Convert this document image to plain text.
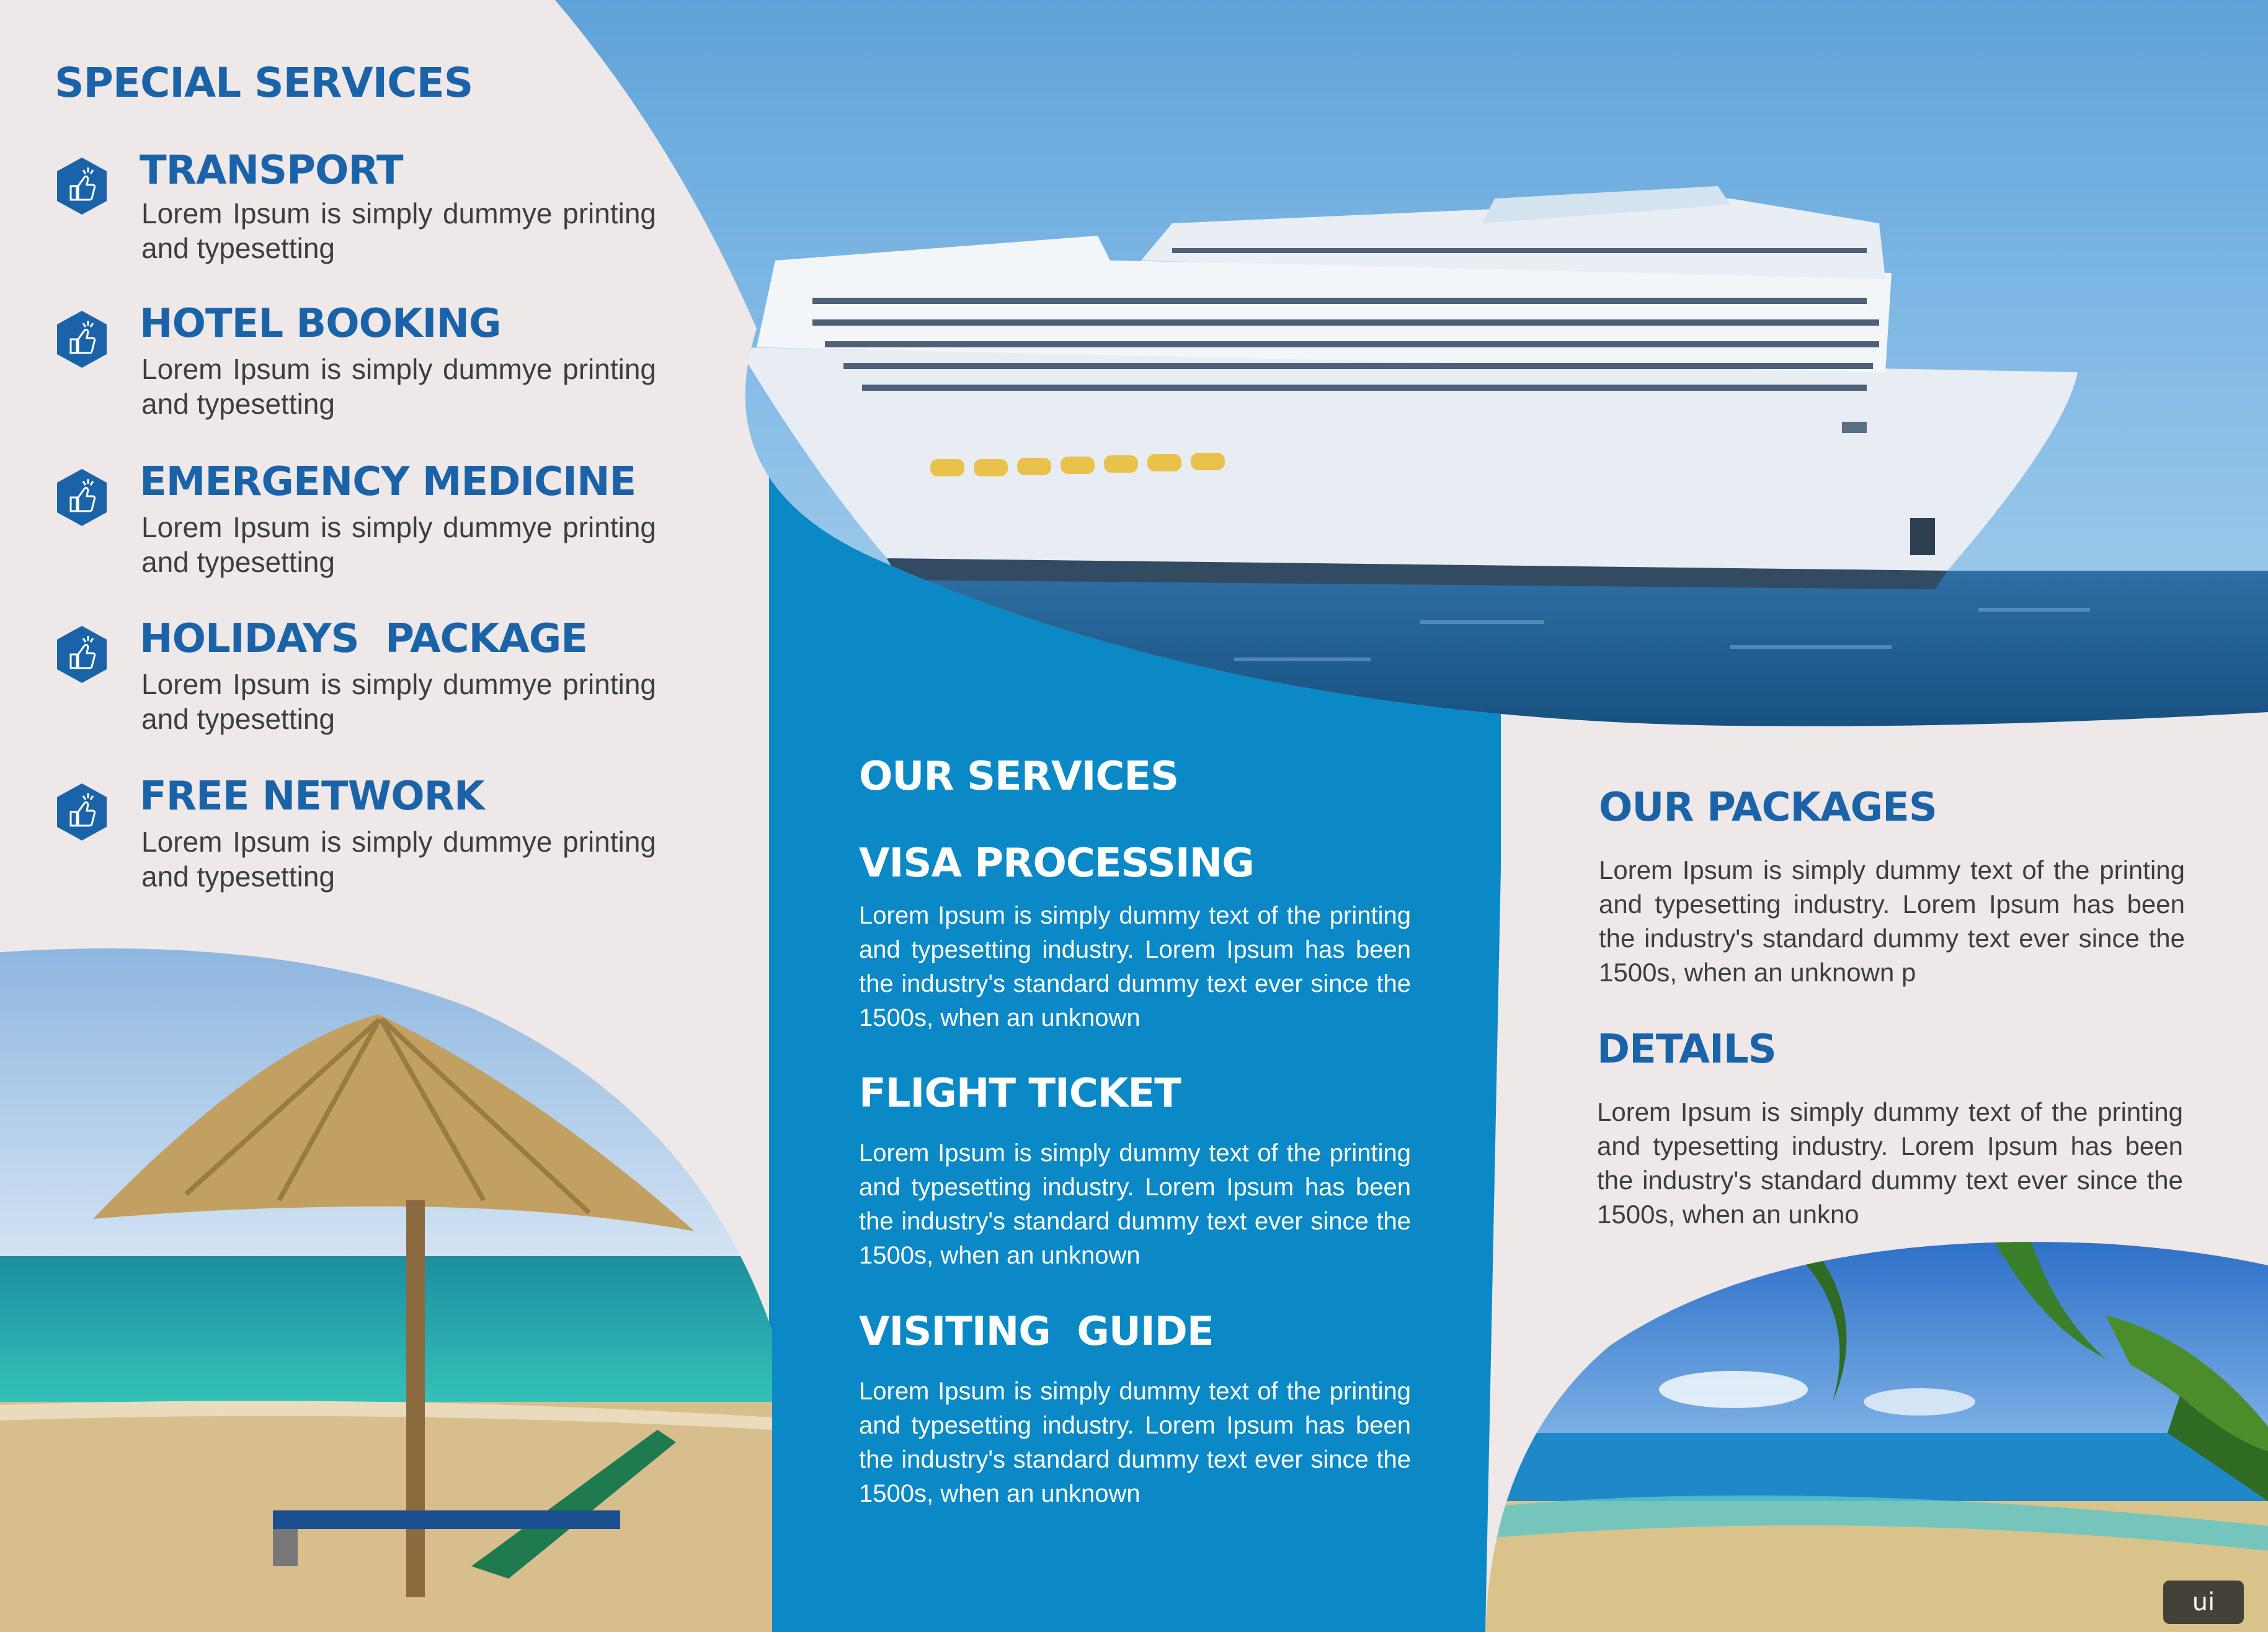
SPECIAL SERVICES
TRANSPORT
Lorem Ipsum is simply dummye printing and typesetting
HOTEL BOOKING
Lorem Ipsum is simply dummye printing and typesetting
EMERGENCY MEDICINE
Lorem Ipsum is simply dummye printing and typesetting
HOLIDAYS  PACKAGE
Lorem Ipsum is simply dummye printing and typesetting
FREE NETWORK
Lorem Ipsum is simply dummye printing and typesetting
OUR SERVICES
VISA PROCESSING
Lorem Ipsum is simply dummy text of the printing and typesetting industry. Lorem Ipsum has been the industry's standard dummy text ever since the 1500s, when an unknown
FLIGHT TICKET
Lorem Ipsum is simply dummy text of the printing and typesetting industry. Lorem Ipsum has been the industry's standard dummy text ever since the 1500s, when an unknown
VISITING  GUIDE
Lorem Ipsum is simply dummy text of the printing and typesetting industry. Lorem Ipsum has been the industry's standard dummy text ever since the 1500s, when an unknown
OUR PACKAGES
Lorem Ipsum is simply dummy text of the printing and typesetting industry. Lorem Ipsum has been the industry's standard dummy text ever since the 1500s, when an unknown p
DETAILS
Lorem Ipsum is simply dummy text of the printing and typesetting industry. Lorem Ipsum has been the industry's standard dummy text ever since the 1500s, when an unkno
ui
